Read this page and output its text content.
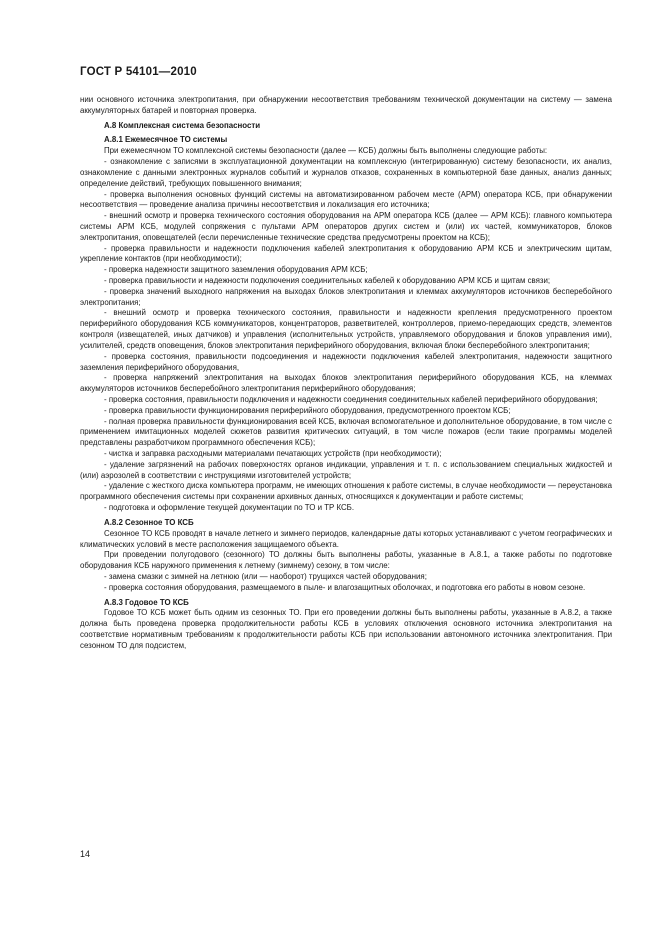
ГОСТ Р 54101—2010

нии основного источника электропитания, при обнаружении несоответствия требованиям технической документации на систему — замена аккумуляторных батарей и повторная проверка.

А.8 Комплексная система безопасности

А.8.1 Ежемесячное ТО системы

При ежемесячном ТО комплексной системы безопасности (далее — КСБ) должны быть выполнены следующие работы:

- ознакомление с записями в эксплуатационной документации на комплексную (интегрированную) систему безопасности, их анализ, ознакомление с данными электронных журналов событий и журналов отказов, сохраненных в компьютерной базе данных, анализ данных; определение действий, требующих повышенного внимания;

- проверка выполнения основных функций системы на автоматизированном рабочем месте (АРМ) оператора КСБ, при обнаружении несоответствия — проведение анализа причины несоответствия и локализация его источника;

- внешний осмотр и проверка технического состояния оборудования на АРМ оператора КСБ (далее — АРМ КСБ): главного компьютера системы АРМ КСБ, модулей сопряжения с пультами АРМ операторов других систем и (или) их частей, коммуникаторов, блоков электропитания, оповещателей (если перечисленные технические средства предусмотрены проектом на КСБ);

- проверка правильности и надежности подключения кабелей электропитания к оборудованию АРМ КСБ и электрическим щитам, укрепление контактов (при необходимости);

- проверка надежности защитного заземления оборудования АРМ КСБ;

- проверка правильности и надежности подключения соединительных кабелей к оборудованию АРМ КСБ и щитам связи;

- проверка значений выходного напряжения на выходах блоков электропитания и клеммах аккумуляторов источников бесперебойного электропитания;

- внешний осмотр и проверка технического состояния, правильности и надежности крепления предусмотренного проектом периферийного оборудования КСБ коммуникаторов, концентраторов, разветвителей, контроллеров, приемо-передающих средств, элементов контроля (извещателей, иных датчиков) и управления (исполнительных устройств, управляемого оборудования и блоков управления ими), усилителей, средств оповещения, блоков электропитания периферийного оборудования, включая блоки бесперебойного электропитания;

- проверка состояния, правильности подсоединения и надежности подключения кабелей электропитания, надежности защитного заземления периферийного оборудования,

- проверка напряжений электропитания на выходах блоков электропитания периферийного оборудования КСБ, на клеммах аккумуляторов источников бесперебойного электропитания периферийного оборудования;

- проверка состояния, правильности подключения и надежности соединения соединительных кабелей периферийного оборудования;

- проверка правильности функционирования периферийного оборудования, предусмотренного проектом КСБ;

- полная проверка правильности функционирования всей КСБ, включая вспомогательное и дополнительное оборудование, в том числе с применением имитационных моделей сюжетов развития критических ситуаций, в том числе пожаров (если такие программы моделей представлены разработчиком программного обеспечения КСБ);

- чистка и заправка расходными материалами печатающих устройств (при необходимости);

- удаление загрязнений на рабочих поверхностях органов индикации, управления и т. п. с использованием специальных жидкостей и (или) аэрозолей в соответствии с инструкциями изготовителей устройств;

- удаление с жесткого диска компьютера программ, не имеющих отношения к работе системы, в случае необходимости — переустановка программного обеспечения системы при сохранении архивных данных, относящихся к документации и работе системы;

- подготовка и оформление текущей документации по ТО и ТР КСБ.

А.8.2 Сезонное ТО КСБ

Сезонное ТО КСБ проводят в начале летнего и зимнего периодов, календарные даты которых устанавливают с учетом географических и климатических условий в месте расположения защищаемого объекта.

При проведении полугодового (сезонного) ТО должны быть выполнены работы, указанные в А.8.1, а также работы по подготовке оборудования КСБ наружного применения к летнему (зимнему) сезону, в том числе:

- замена смазки с зимней на летнюю (или — наоборот) трущихся частей оборудования;

- проверка состояния оборудования, размещаемого в пыле- и влагозащитных оболочках, и подготовка его работы в новом сезоне.

А.8.3 Годовое ТО КСБ

Годовое ТО КСБ может быть одним из сезонных ТО. При его проведении должны быть выполнены работы, указанные в А.8.2, а также должна быть проведена проверка продолжительности работы КСБ в условиях отключения основного источника электропитания на соответствие нормативным требованиям к продолжительности работы КСБ при использовании автономного источника электропитания. При сезонном ТО для подсистем,

14
